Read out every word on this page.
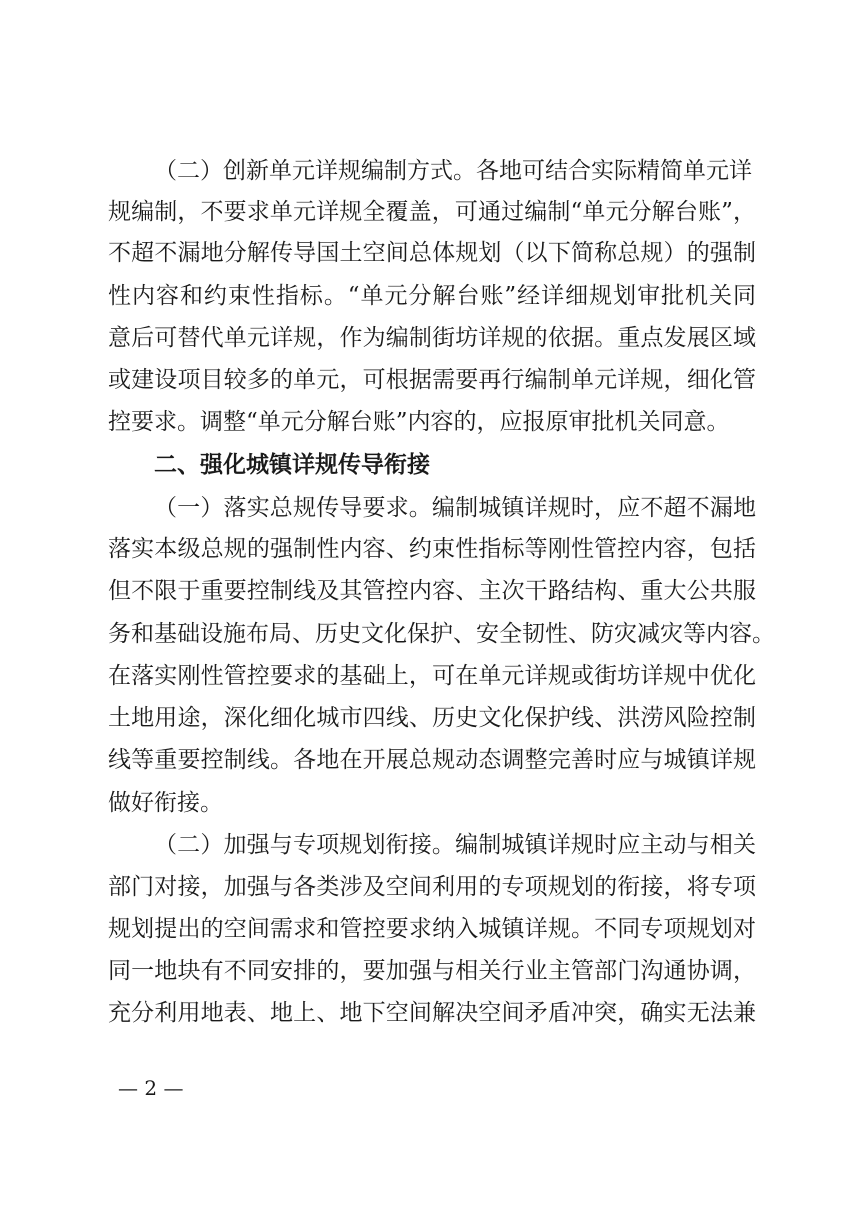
（二）创新单元详规编制方式。各地可结合实际精简单元详
规编制，不要求单元详规全覆盖，可通过编制“单元分解台账”，
不超不漏地分解传导国土空间总体规划（以下简称总规）的强制
性内容和约束性指标。“单元分解台账”经详细规划审批机关同
意后可替代单元详规，作为编制街坊详规的依据。重点发展区域
或建设项目较多的单元，可根据需要再行编制单元详规，细化管
控要求。调整“单元分解台账”内容的，应报原审批机关同意。
二、强化城镇详规传导衔接
（一）落实总规传导要求。编制城镇详规时，应不超不漏地
落实本级总规的强制性内容、约束性指标等刚性管控内容，包括
但不限于重要控制线及其管控内容、主次干路结构、重大公共服
务和基础设施布局、历史文化保护、安全韧性、防灾减灾等内容。
在落实刚性管控要求的基础上，可在单元详规或街坊详规中优化
土地用途，深化细化城市四线、历史文化保护线、洪涝风险控制
线等重要控制线。各地在开展总规动态调整完善时应与城镇详规
做好衔接。
（二）加强与专项规划衔接。编制城镇详规时应主动与相关
部门对接，加强与各类涉及空间利用的专项规划的衔接，将专项
规划提出的空间需求和管控要求纳入城镇详规。不同专项规划对
同一地块有不同安排的，要加强与相关行业主管部门沟通协调，
充分利用地表、地上、地下空间解决空间矛盾冲突，确实无法兼
— 2 —
